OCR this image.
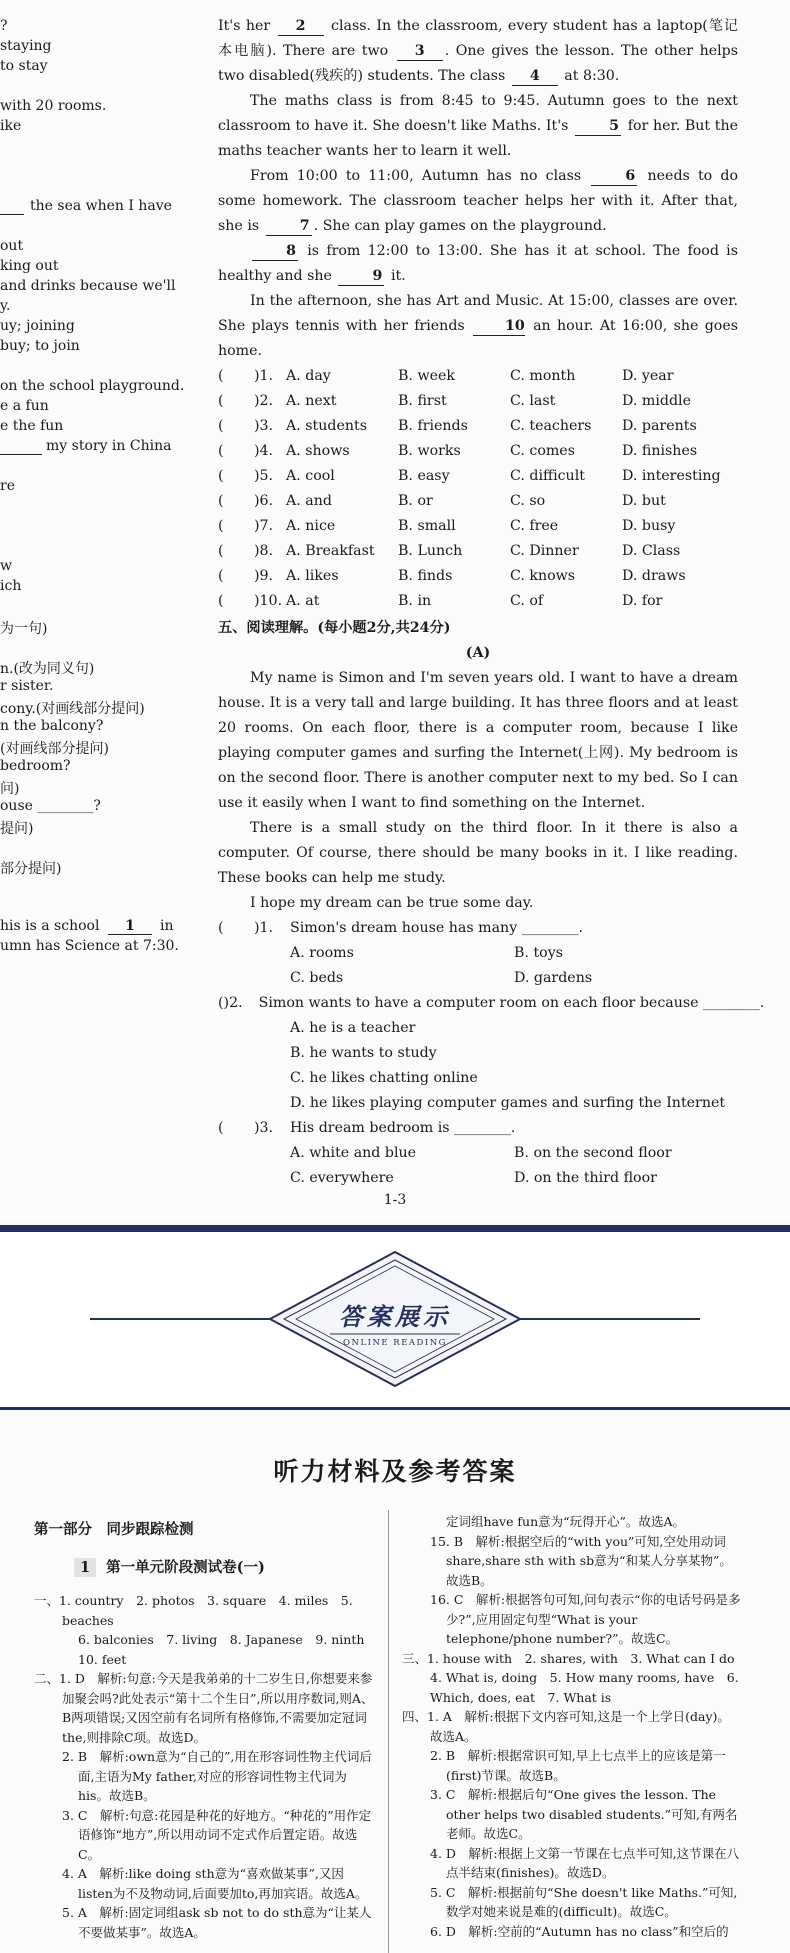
?
staying
to stay
with 20 rooms.
ike
the sea when I have
out
king out
and drinks because we'll
y.
uy; joining
buy; to join
on the school playground.
e a fun
e the fun
my story in China
re
w
ich
为一句)
n.(改为同义句)
r sister.
cony.(对画线部分提问)
n the balcony?
(对画线部分提问)
bedroom?
问)
ouse ________?
提问)
部分提问)
his is a school	1	in
umn has Science at 7:30.

It's her 2 class. In the classroom, every student has a laptop(笔记本电脑). There are two 3 . One gives the lesson. The other helps two disabled(残疾的) students. The class 4 at 8:30.

The maths class is from 8:45 to 9:45. Autumn goes to the next classroom to have it. She doesn't like Maths. It's	5 for her. But the maths teacher wants her to learn it well.

From 10:00 to 11:00, Autumn has no class	6 needs to do some homework. The classroom teacher helps her with it. After that, she is	7 . She can play games on the playground.

8 is from 12:00 to 13:00. She has it at school. The food is healthy and she	9 it.

In the afternoon, she has Art and Music. At 15:00, classes are over. She plays tennis with her friends	10 an hour. At 16:00, she goes home.

(	)1. A. day	B. week	C. month	D. year
(	)2. A. next	B. first	C. last	D. middle
(	)3. A. students	B. friends	C. teachers	D. parents
(	)4. A. shows	B. works	C. comes	D. finishes
(	)5. A. cool	B. easy	C. difficult	D. interesting
(	)6. A. and	B. or	C. so	D. but
(	)7. A. nice	B. small	C. free	D. busy
(	)8. A. Breakfast	B. Lunch	C. Dinner	D. Class
(	)9. A. likes	B. finds	C. knows	D. draws
(	)10. A. at	B. in	C. of	D. for
五、阅读理解。(每小题2分,共24分)
(A)

My name is Simon and I'm seven years old. I want to have a dream house. It is a very tall and large building. It has three floors and at least 20 rooms. On each floor, there is a computer room, because I like playing computer games and surfing the Internet(上网). My bedroom is on the second floor. There is another computer next to my bed. So I can use it easily when I want to find something on the Internet.

There is a small study on the third floor. In it there is also a computer. Of course, there should be many books in it. I like reading. These books can help me study.

I hope my dream can be true some day.

(	)1.	Simon's dream house has many ________.
A. rooms	B. toys
C. beds	D. gardens
( )2.	Simon wants to have a computer room on each floor because ________.
A. he is a teacher
B. he wants to study
C. he likes chatting online
D. he likes playing computer games and surfing the Internet
(	)3.	His dream bedroom is ________.
A. white and blue	B. on the second floor
C. everywhere	D. on the third floor
1-3
答案展示
ONLINE READING
听力材料及参考答案
第一部分　同步跟踪检测
1 第一单元阶段测试卷(一)
一、1. country　2. photos　3. square　4. miles　5. beaches
6. balconies　7. living　8. Japanese　9. ninth　10. feet
二、1. D　解析:句意:今天是我弟弟的十二岁生日,你想要来参加聚会吗?此处表示“第十二个生日”,所以用序数词,则A、B两项错误;又因空前有名词所有格修饰,不需要加定冠词the,则排除C项。故选D。
2. B　解析:own意为“自己的”,用在形容词性物主代词后面,主语为My father,对应的形容词性物主代词为his。故选B。
3. C　解析:句意:花园是种花的好地方。“种花的”用作定语修饰“地方”,所以用动词不定式作后置定语。故选C。
4. A　解析:like doing sth意为“喜欢做某事”,又因listen为不及物动词,后面要加to,再加宾语。故选A。
5. A　解析:固定词组ask sb not to do sth意为“让某人不要做某事”。故选A。
定词组have fun意为“玩得开心”。故选A。
15. B　解析:根据空后的“with you”可知,空处用动词share,share sth with sb意为“和某人分享某物”。故选B。
16. C　解析:根据答句可知,问句表示“你的电话号码是多少?”,应用固定句型“What is your telephone/phone number?”。故选C。
三、1. house with　2. shares, with　3. What can I do　4. What is, doing　5. How many rooms, have　6. Which, does, eat　7. What is
四、1. A　解析:根据下文内容可知,这是一个上学日(day)。故选A。
2. B　解析:根据常识可知,早上七点半上的应该是第一(first)节课。故选B。
3. C　解析:根据后句“One gives the lesson. The other helps two disabled students.”可知,有两名老师。故选C。
4. D　解析:根据上文第一节课在七点半可知,这节课在八点半结束(finishes)。故选D。
5. C　解析:根据前句“She doesn't like Maths.”可知,数学对她来说是难的(difficult)。故选C。
6. D　解析:空前的“Autumn has no class”和空后的
